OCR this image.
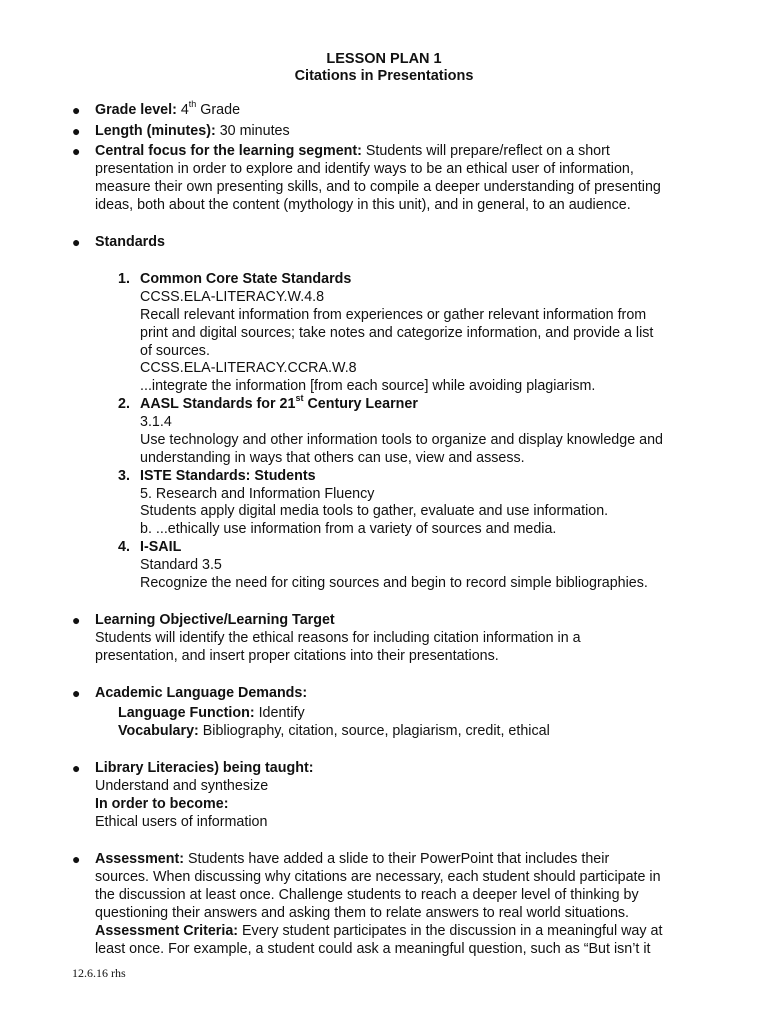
LESSON PLAN 1
Citations in Presentations
● Grade level: 4th Grade
● Length (minutes): 30 minutes
● Central focus for the learning segment: Students will prepare/reflect on a short
presentation in order to explore and identify ways to be an ethical user of information,
measure their own presenting skills, and to compile a deeper understanding of presenting
ideas, both about the content (mythology in this unit), and in general, to an audience.
● Standards
1. Common Core State Standards
CCSS.ELA-LITERACY.W.4.8
Recall relevant information from experiences or gather relevant information from
print and digital sources; take notes and categorize information, and provide a list
of sources.
CCSS.ELA-LITERACY.CCRA.W.8
...integrate the information [from each source] while avoiding plagiarism.
2. AASL Standards for 21st Century Learner
3.1.4
Use technology and other information tools to organize and display knowledge and
understanding in ways that others can use, view and assess.
3. ISTE Standards: Students
5. Research and Information Fluency
Students apply digital media tools to gather, evaluate and use information.
b. ...ethically use information from a variety of sources and media.
4. I-SAIL
Standard 3.5
Recognize the need for citing sources and begin to record simple bibliographies.
● Learning Objective/Learning Target
Students will identify the ethical reasons for including citation information in a
presentation, and insert proper citations into their presentations.
● Academic Language Demands:
Language Function: Identify
Vocabulary: Bibliography, citation, source, plagiarism, credit, ethical
● Library Literacies) being taught:
Understand and synthesize
In order to become:
Ethical users of information
● Assessment: Students have added a slide to their PowerPoint that includes their
sources. When discussing why citations are necessary, each student should participate in
the discussion at least once. Challenge students to reach a deeper level of thinking by
questioning their answers and asking them to relate answers to real world situations.
Assessment Criteria: Every student participates in the discussion in a meaningful way at
least once. For example, a student could ask a meaningful question, such as “But isn’t it
12.6.16 rhs
